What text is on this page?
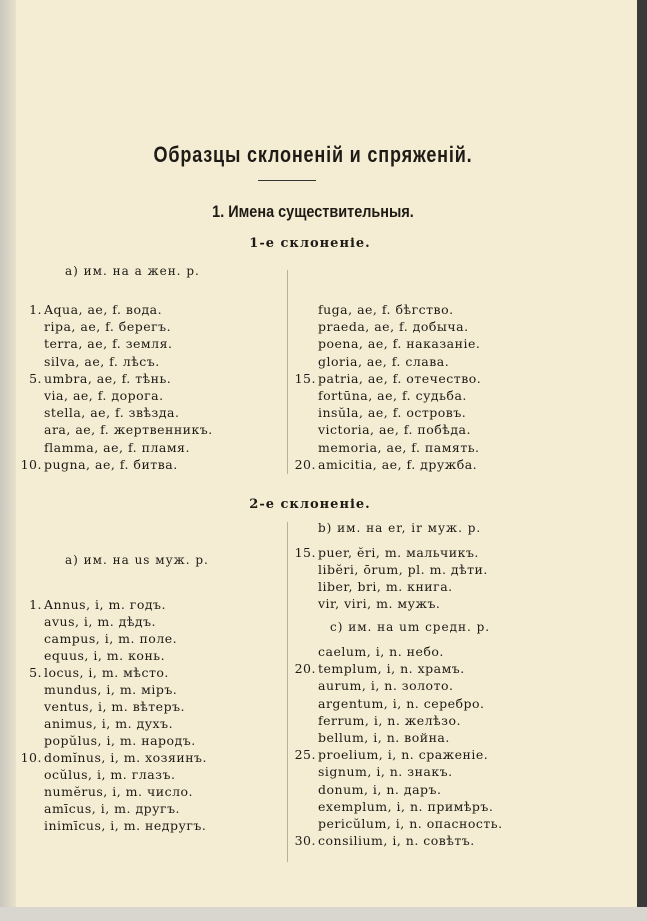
Образцы склоненій и спряженій.
1. Имена существительныя.
1-е склоненіе.
а) им. на a жен. р.
2-е склоненіе.
а) им. на us муж. р.
b) им. на er, ir муж. р.
c) им. на um средн. р.
1. Aqua, ae, f. вода.
ripa, ae, f. берегъ.
terra, ae, f. земля.
silva, ae, f. лѣсъ.
5. umbra, ae, f. тѣнь.
via, ae, f. дорога.
stella, ae, f. звѣзда.
ara, ae, f. жертвенникъ.
flamma, ae, f. пламя.
10. pugna, ae, f. битва.
fuga, ae, f. бѣгство.
praeda, ae, f. добыча.
poena, ae, f. наказаніе.
gloria, ae, f. слава.
15. patria, ae, f. отечество.
fortūna, ae, f. судьба.
insŭla, ae, f. островъ.
victoria, ae, f. побѣда.
memoria, ae, f. память.
20. amicitia, ae, f. дружба.
1. Annus, i, m. годъ.
avus, i, m. дѣдъ.
campus, i, m. поле.
equus, i, m. конь.
5. locus, i, m. мѣсто.
mundus, i, m. міръ.
ventus, i, m. вѣтеръ.
animus, i, m. духъ.
popŭlus, i, m. народъ.
10. domĭnus, i, m. хозяинъ.
ocŭlus, i, m. глазъ.
numĕrus, i, m. число.
amīcus, i, m. другъ.
inimīcus, i, m. недругъ.
15. puer, ĕri, m. мальчикъ.
libĕri, ōrum, pl. m. дѣти.
liber, bri, m. книга.
vir, viri, m. мужъ.
caelum, i, n. небо.
20. templum, i, n. храмъ.
aurum, i, n. золото.
argentum, i, n. серебро.
ferrum, i, n. желѣзо.
bellum, i, n. война.
25. proelium, i, n. сраженіе.
signum, i, n. знакъ.
donum, i, n. даръ.
exemplum, i, n. примѣръ.
pericŭlum, i, n. опасность.
30. consilium, i, n. совѣтъ.
